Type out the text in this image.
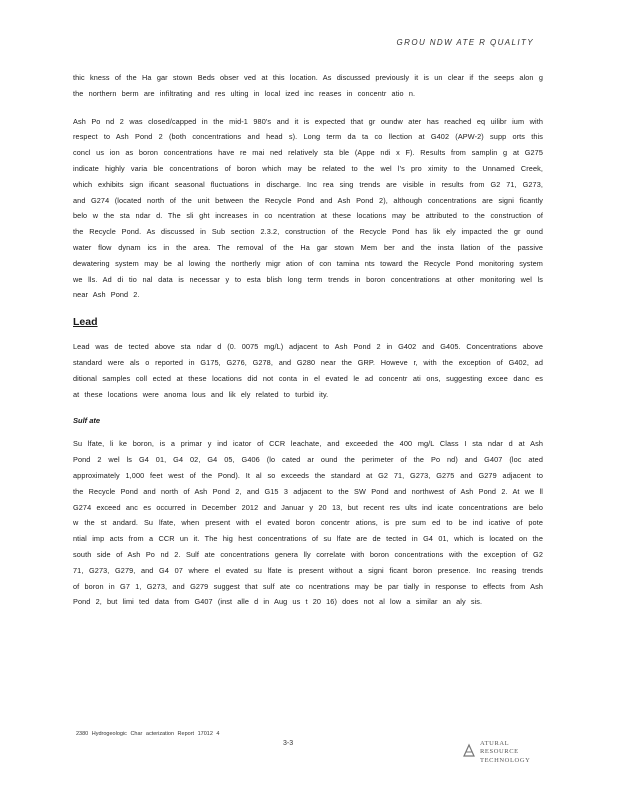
GROU NDW ATE R QUALITY

thic kness of the Ha gar stown Beds obser ved at this location. As discussed previously it is un clear if the seeps alon g the northern berm are infiltrating and res ulting in local ized inc reases in concentr atio n.

Ash Po nd 2 was closed/capped in the mid-1 980's and it is expected that gr oundw ater has reached eq uilibr ium with respect to Ash Pond 2 (both concentrations and head s). Long term da ta co llection at G402 (APW-2) supp orts this concl us ion as boron concentrations have re mai ned relatively sta ble (Appe ndi x F). Results from samplin g at G275 indicate highly varia ble concentrations of boron which may be related to the wel l's pro ximity to the Unnamed Creek, which exhibits sign ificant seasonal fluctuations in discharge. Inc rea sing trends are visible in results from G2 71, G273, and G274 (located north of the unit between the Recycle Pond and Ash Pond 2), although concentrations are signi ficantly belo w the sta ndar d. The sli ght increases in co ncentration at these locations may be attributed to the construction of the Recycle Pond. As discussed in Sub section 2.3.2, construction of the Recycle Pond has lik ely impacted the gr ound water flow dynam ics in the area. The removal of the Ha gar stown Mem ber and the insta llation of the passive dewatering system may be al lowing the northerly migr ation of con tamina nts toward the Recycle Pond monitoring system we lls. Ad di tio nal data is necessar y to esta blish long term trends in boron concentrations at other monitoring wel ls near Ash Pond 2.

Lead

Lead was de tected above sta ndar d (0. 0075 mg/L) adjacent to Ash Pond 2 in G402 and G405. Concentrations above standard were als o reported in G175, G276, G278, and G280 near the GRP. Howeve r, with the exception of G402, ad ditional samples coll ected at these locations did not conta in el evated le ad concentr ati ons, suggesting excee danc es at these locations were anoma lous and lik ely related to turbid ity.

Sulf ate

Su lfate, li ke boron, is a primar y ind icator of CCR leachate, and exceeded the 400 mg/L Class I sta ndar d at Ash Pond 2 wel ls G4 01, G4 02, G4 05, G406 (lo cated ar ound the perimeter of the Po nd) and G407 (loc ated approximately 1,000 feet west of the Pond). It al so exceeds the standard at G2 71, G273, G275 and G279 adjacent to the Recycle Pond and north of Ash Pond 2, and G15 3 adjacent to the SW Pond and northwest of Ash Pond 2. At we ll G274 exceed anc es occurred in December 2012 and Januar y 20 13, but recent res ults ind icate concentrations are belo w the st andard. Su lfate, when present with el evated boron concentr ations, is pre sum ed to be ind icative of pote ntial imp acts from a CCR un it. The hig hest concentrations of su lfate are de tected in G4 01, which is located on the south side of Ash Po nd 2. Sulf ate concentrations genera lly correlate with boron concentrations with the exception of G2 71, G273, G279, and G4 07 where el evated su lfate is present without a signi ficant boron presence. Inc reasing trends of boron in G7 1, G273, and G279 suggest that sulf ate co ncentrations may be par tially in response to effects from Ash Pond 2, but limi ted data from G407 (inst alle d in Aug us t 20 16) does not al low a similar an aly sis.

2380 Hydrogeologic Char acterization Report 17012 4
3-3	ATURAL
RESOURCE
TECHNOLOGY
